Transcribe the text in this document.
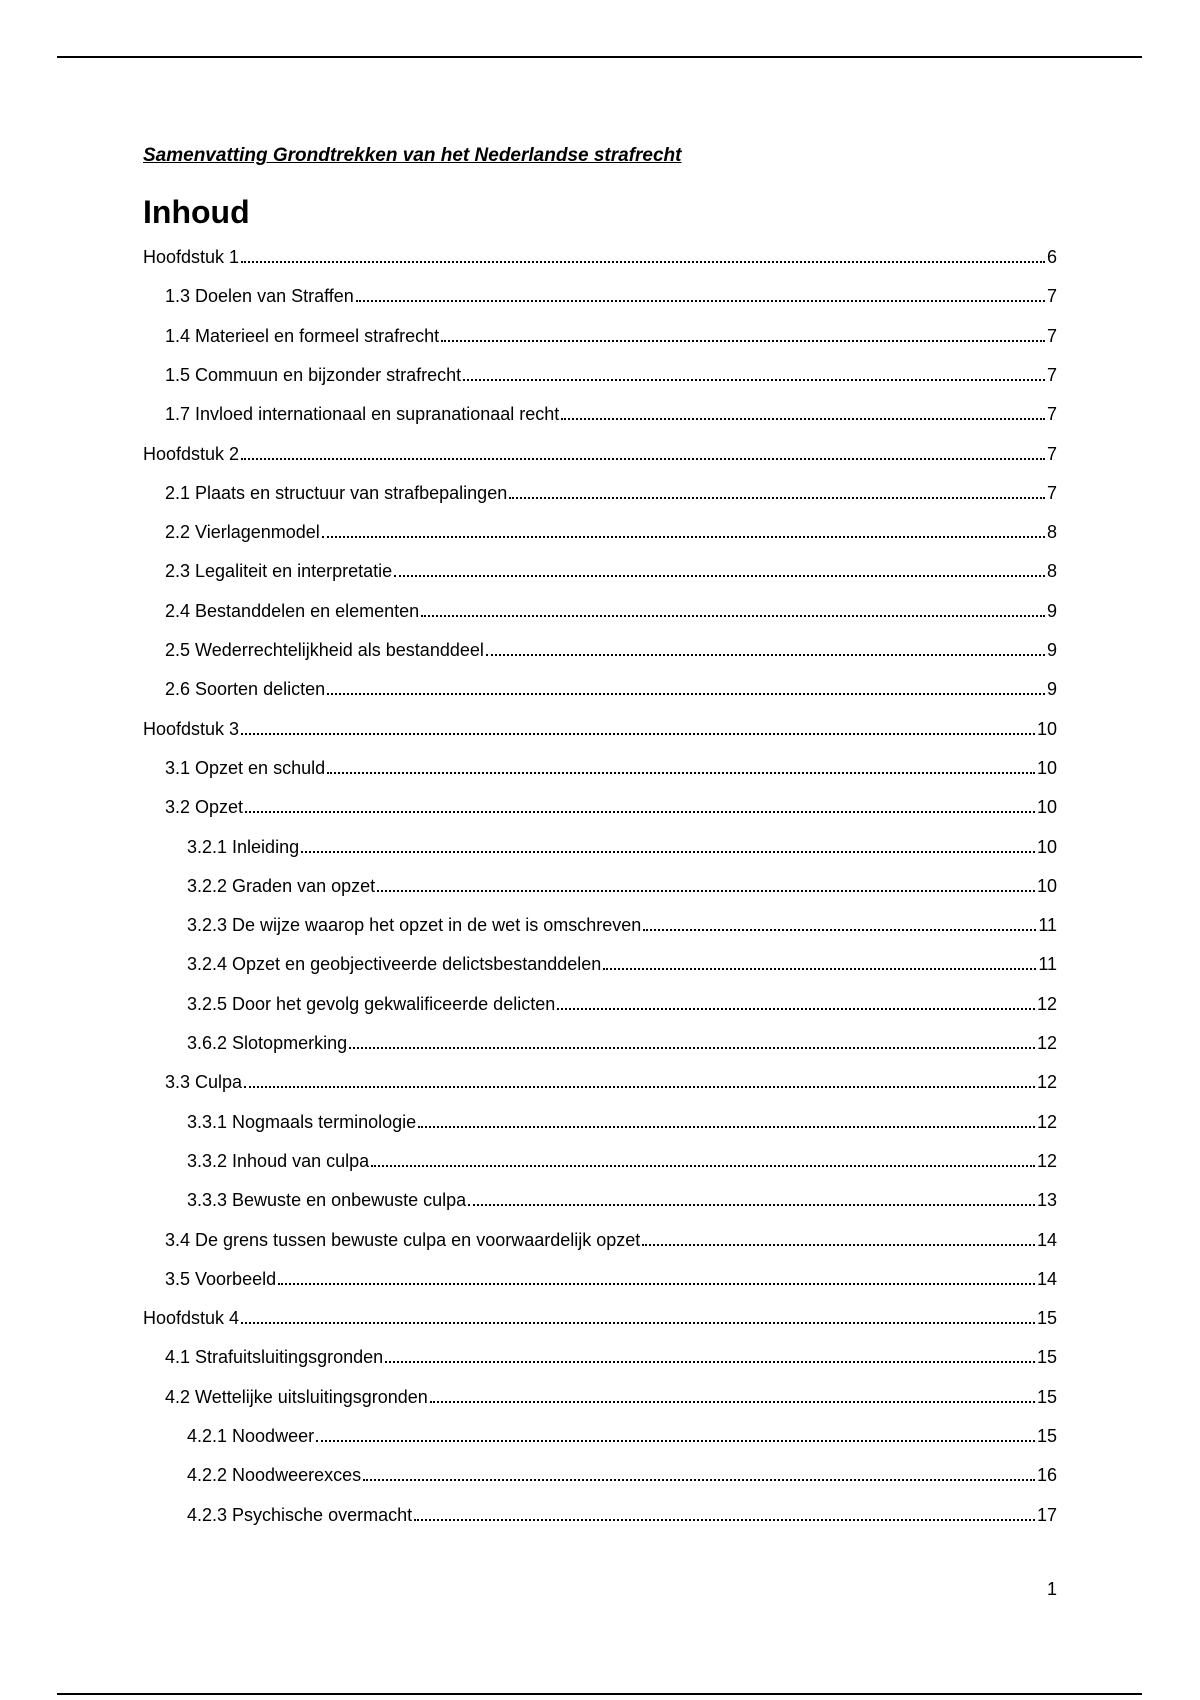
Samenvatting Grondtrekken van het Nederlandse strafrecht
Inhoud
Hoofdstuk 1	6
1.3 Doelen van Straffen	7
1.4 Materieel en formeel strafrecht	7
1.5 Commuun en bijzonder strafrecht	7
1.7 Invloed internationaal en supranationaal recht	7
Hoofdstuk 2	7
2.1 Plaats en structuur van strafbepalingen	7
2.2 Vierlagenmodel	8
2.3 Legaliteit en interpretatie	8
2.4 Bestanddelen en elementen	9
2.5 Wederrechtelijkheid als bestanddeel	9
2.6 Soorten delicten	9
Hoofdstuk 3	10
3.1 Opzet en schuld	10
3.2 Opzet	10
3.2.1 Inleiding	10
3.2.2 Graden van opzet	10
3.2.3 De wijze waarop het opzet in de wet is omschreven	11
3.2.4 Opzet en geobjectiveerde delictsbestanddelen	11
3.2.5 Door het gevolg gekwalificeerde delicten	12
3.6.2 Slotopmerking	12
3.3 Culpa	12
3.3.1 Nogmaals terminologie	12
3.3.2 Inhoud van culpa	12
3.3.3 Bewuste en onbewuste culpa	13
3.4 De grens tussen bewuste culpa en voorwaardelijk opzet	14
3.5 Voorbeeld	14
Hoofdstuk 4	15
4.1 Strafuitsluitingsgronden	15
4.2 Wettelijke uitsluitingsgronden	15
4.2.1 Noodweer	15
4.2.2 Noodweerexces	16
4.2.3 Psychische overmacht	17
1
